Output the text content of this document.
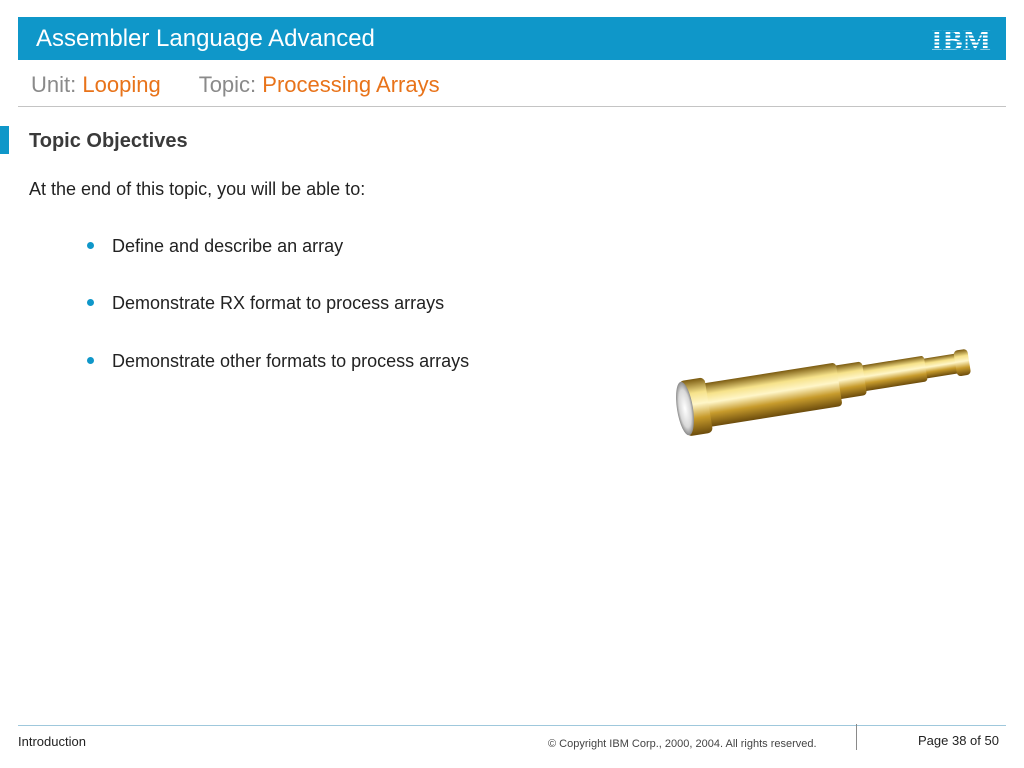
Assembler Language Advanced	IBM
Unit: Looping Topic: Processing Arrays
Topic Objectives
At the end of this topic, you will be able to:
Define and describe an array
Demonstrate RX format to process arrays
Demonstrate other formats to process arrays
Introduction	© Copyright IBM Corp., 2000, 2004. All rights reserved.	Page 38 of 50
